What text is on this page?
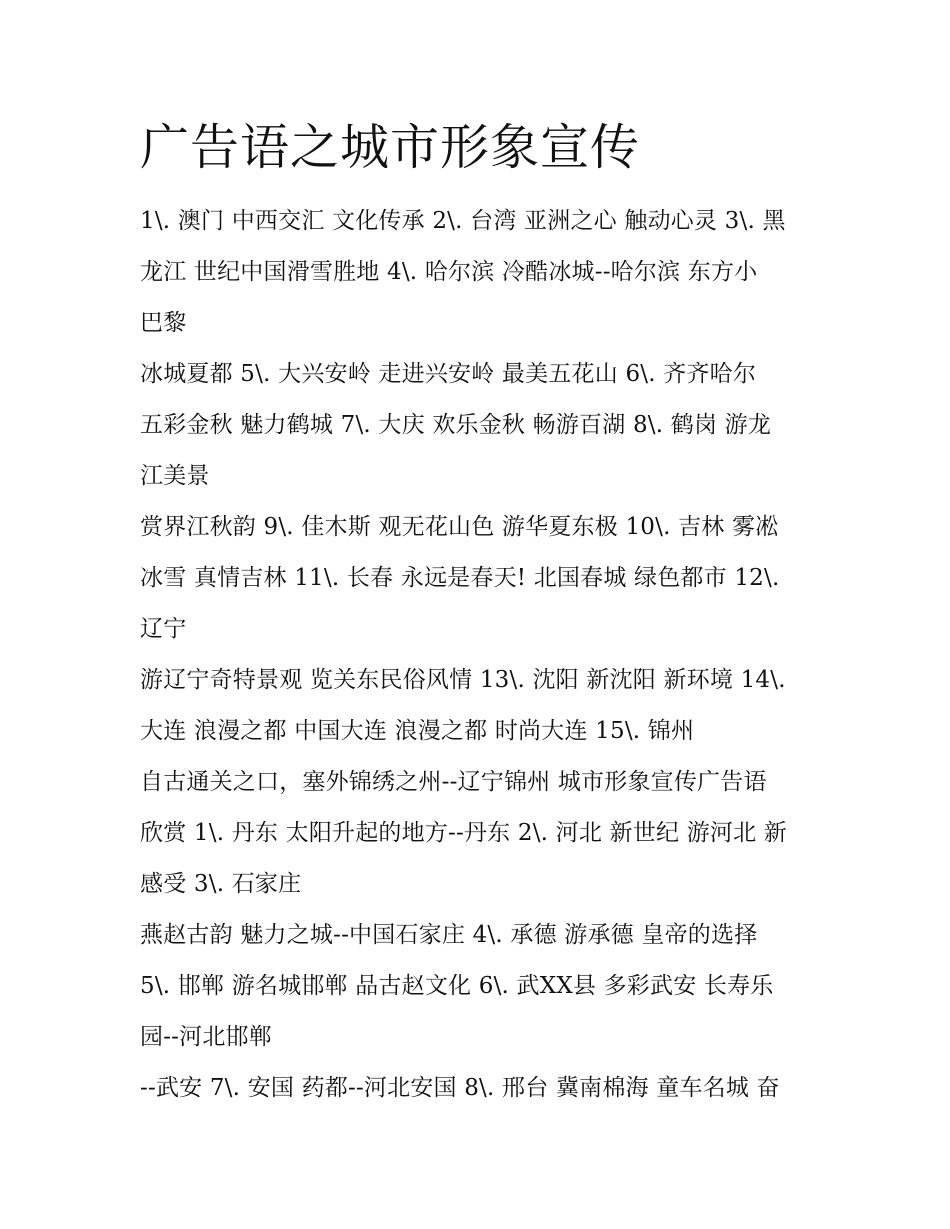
广告语之城市形象宣传
1\. 澳门 中西交汇 文化传承 2\. 台湾 亚洲之心 触动心灵 3\. 黑
龙江 世纪中国滑雪胜地 4\. 哈尔滨 冷酷冰城--哈尔滨 东方小
巴黎
冰城夏都 5\. 大兴安岭 走进兴安岭 最美五花山 6\. 齐齐哈尔
五彩金秋 魅力鹤城 7\. 大庆 欢乐金秋 畅游百湖 8\. 鹤岗 游龙
江美景
赏界江秋韵 9\. 佳木斯 观无花山色 游华夏东极 10\. 吉林 雾凇
冰雪 真情吉林 11\. 长春 永远是春天! 北国春城 绿色都市 12\.
辽宁
游辽宁奇特景观 览关东民俗风情 13\. 沈阳 新沈阳 新环境 14\.
大连 浪漫之都 中国大连 浪漫之都 时尚大连 15\. 锦州
自古通关之口，塞外锦绣之州--辽宁锦州 城市形象宣传广告语
欣赏 1\. 丹东 太阳升起的地方--丹东 2\. 河北 新世纪 游河北 新
感受 3\. 石家庄
燕赵古韵 魅力之城--中国石家庄 4\. 承德 游承德 皇帝的选择
5\. 邯郸 游名城邯郸 品古赵文化 6\. 武XX县 多彩武安 长寿乐
园--河北邯郸
--武安 7\. 安国 药都--河北安国 8\. 邢台 冀南棉海 童车名城 奋
